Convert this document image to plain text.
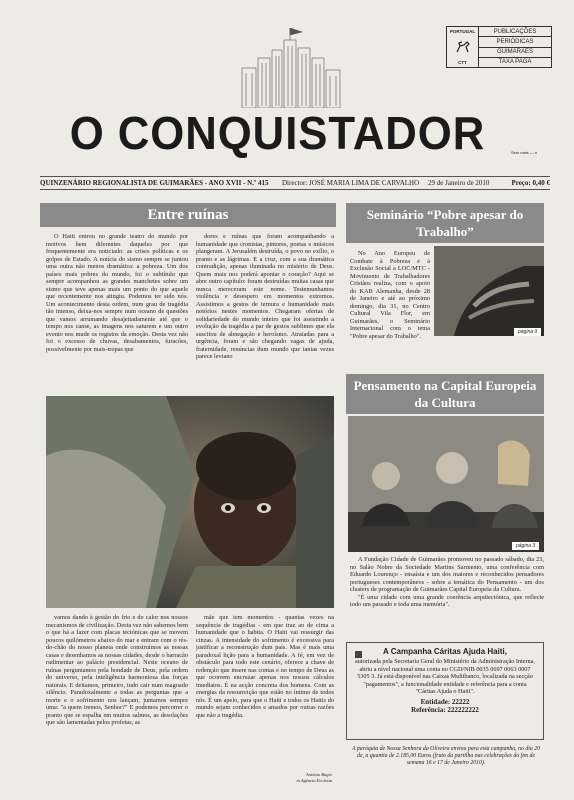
PORTUGAL
CTT
PUBLICAÇÕES
PERIÓDICAS
GUIMARÃES
TAXA PAGA
O CONQUISTADOR	Sem mais — n
QUINZENÁRIO REGIONALISTA DE GUIMARÃES - ANO XVII - N.º 415 Director: JOSÉ MARIA LIMA DE CARVALHO 29 de Janeiro de 2010	Preço: 0,40 €
Entre ruínas

O Haiti entrou no grande teatro do mundo por motivos bem diferentes daqueles por que frequentemente era noticiado: as crises políticas e os golpes de Estado. A notícia do sismo sempre se juntou uma outra não menos dramática: a pobreza. Um dos países mais pobres do mundo, foi o subtítulo que sempre acompanhou as grandes manchetes sobre um sismo que teve apenas mais um ponto do que aquele que recentemente nos atingiu. Podemos ter sido nós. Um acontecimento desta ordem, num grau de tragédia tão intenso, deixa-nos sempre num oceano de questões que vamos arrumando desajeitadamente até que o tempo nos canse, as imagens nos saturem e um outro evento nos mude os registos da emoção. Desta vez não foi o excesso de chuvas, desabamentos, furacões, possivelmente por mais-tropas que

dores e ruínas que foram acompanhando a humanidade que cronistas, pintores, poetas e músicos plangeram. A Jerusalém destruída, o povo no exílio, o pranto e as lágrimas. E a cruz, com a sua dramática contradição, apenas iluminada no mistério de Deus. Quem mais nos poderá apontar o coração? Aqui se abre outro capítulo: foram destruídas muitas casas que nunca mereceram este nome. Testemunhamos violência e desespero em momentos extremos. Assistimos a gestos de ternura e humanidade mais notórios nestes momentos. Chegaram ofertas de solidariedade do mundo inteiro que foi assistindo a evolução da tragédia a par de gestos sublimes que ela suscitou de abnegação e heroísmo. Atraiadas para a urgência, foram e são chegando vagas de ajuda, fraternidade, renúncias dum mundo que tantas vezes parece levianо

vamos dando à gestão do frio e do calor nos nossos mecanismos de civilização. Desta vez não sabemos bem o que há a fazer com placas tectónicas que se movem poucos quilómetros abaixo do mar e entram com o rés-do-chão do nosso planeta onde construímos as nossas casas e desenhamos as nossas cidades, desde o barracão rudimentar ao palácio presidencial. Neste oceano de ruínas perguntamos pela bondade de Deus, pela ordem do universo, pela inteligência harmoniosa das forças naturais. E deitamos, primeiro, tudo cair num magoado silêncio. Paradoxalmente a todas as perguntas que a morte e o sofrimento nos lançam, juntamos sempre uma: "a quem iremos, Senhor?" E podemos percorrer o pranto que se espalha em muitos salmos, as desolações que são lamentadas pelos profetas, as

mãe que tem momentos - quantas vezes na sequência de tragédias - em que traz ao de cima a humanidade que o habita. O Haiti vai ressurgir das cinzas. A intensidade do sofrimento é excessiva para justificar a reconstrução dum país. Mas é mais uma paradoxal lição para a humanidade. A fé, em vez de obstáculo para todo este cenário, oferece a chave de redenção que insere nas contas e no tempo de Deus as que ocorrem encruzar apenas nos nossos cálculos imediatos. É na acção concreta dos homens. Com as energias da ressurreição que estão no íntimo de todos nós. É um apelo, para que o Haiti e todos os Haitis do mundo sejam conhecidos e amados por outras razões que não a tragédia.

António Bagio
in Agência Ecclesia
Seminário “Pobre apesar do Trabalho”

No Ano Europeu de Combate à Pobreza e à Exclusão Social a LOC/MTC - Movimento de Trabalhadores Cristãos realiza, com o apoio do KAB Alemanha, desde 28 de Janeiro e até ao próximo domingo, dia 31, no Centro Cultural Vila Flor, em Guimarães, o Seminário Internacional com o tema "Pobre apesar do Trabalho".

página 9
Pensamento na Capital Europeia da Cultura
página 3

A Fundação Cidade de Guimarães promoveu no passado sábado, dia 23, no Salão Nobre da Sociedade Martins Sarmento, uma conferência com Eduardo Lourenço - ensaísta e um dos maiores e reconhecidos pensadores portugueses contemporâneos - sobre a temática do Pensamento - um dos clusters de programação de Guimarães Capital Europeia da Cultura.

"É uma cidade com uma grande coerência arquitectónica, que reflecte todo um passado e toda uma memória".

A Campanha Cáritas Ajuda Haiti,
autorizada pela Secretaria Geral do Ministério da Administração Interna, abriu a nível nacional uma conta no CGD/NIB 0035 0697 0063 0007 5305 3. Já está disponível nas Caixas Multibanco, localizada na secção "pagamentos", a funcionalidade entidade e referência para a conta "Cáritas Ajuda o Haiti".
Entidade: 22222
Referência: 222222222
A paróquia de Nossa Senhora da Oliveira enviou para esta campanha, no dia 20 de, a quantia de 2.185,00 Euros (fruto da partilha nas celebrações do fim de semana 16 e 17 de Janeiro 2010).
